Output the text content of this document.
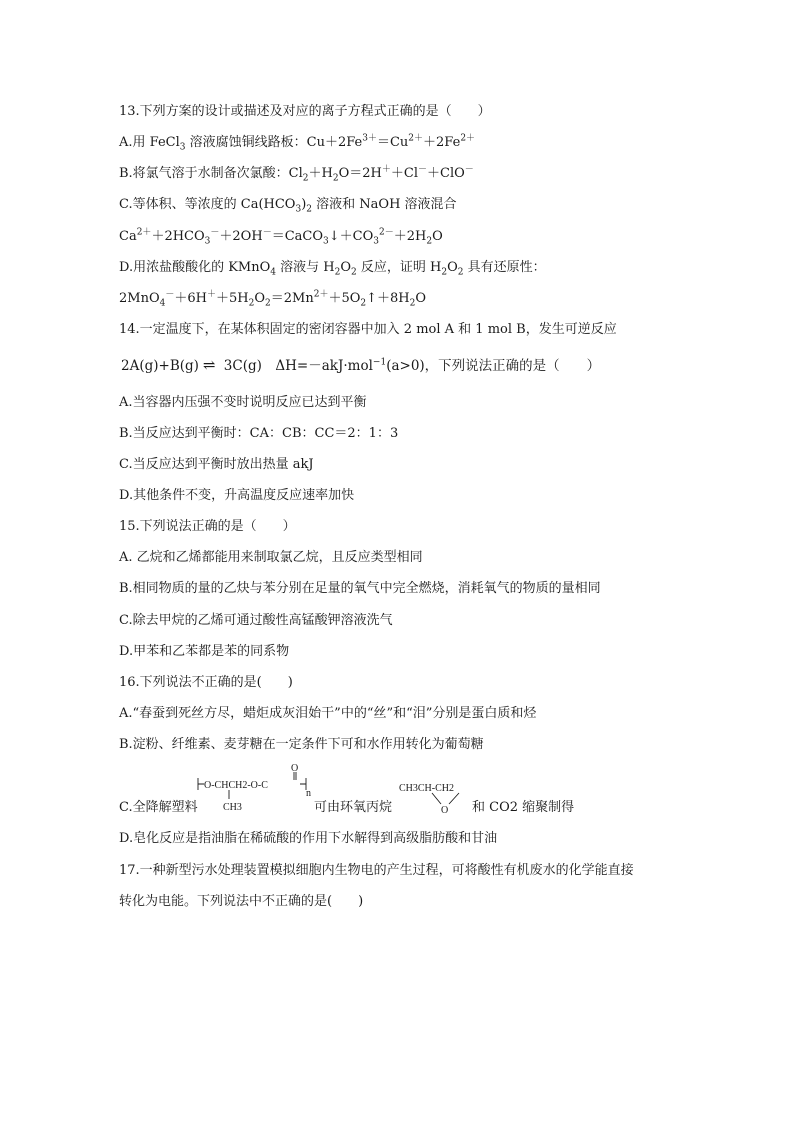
13.下列方案的设计或描述及对应的离子方程式正确的是（　　）
A.用 FeCl$_3$ 溶液腐蚀铜线路板：$Cu+2Fe^{3+}=Cu^{2+}+2Fe^{2+}$
B.将氯气溶于水制备次氯酸：$Cl_2+H_2O=2H^++Cl^-+ClO^-$
C.等体积、等浓度的 $Ca(HCO_3)_2$ 溶液和 NaOH 溶液混合
$Ca^{2+}+2HCO_3^-+2OH^-=CaCO_3↓+CO_3^{2-}+2H_2O$
D.用浓盐酸酸化的 KMnO$_4$ 溶液与 $H_2O_2$ 反应，证明 $H_2O_2$ 具有还原性：
$2MnO_4^-+6H^++5H_2O_2=2Mn^{2+}+5O_2↑+8H_2O$
14.一定温度下，在某体积固定的密闭容器中加入 2 mol A 和 1 mol B，发生可逆反应
2A(g)+B(g) ⇌ 3C(g)　ΔH=－akJ·mol$^{-1}$(a>0)，下列说法正确的是（　　）
A.当容器内压强不变时说明反应已达到平衡
B.当反应达到平衡时：CA：CB：CC＝2：1：3
C.当反应达到平衡时放出热量 akJ
D.其他条件不变，升高温度反应速率加快
15.下列说法正确的是（　　）
A. 乙烷和乙烯都能用来制取氯乙烷，且反应类型相同
B.相同物质的量的乙炔与苯分别在足量的氧气中完全燃烧，消耗氧气的物质的量相同
C.除去甲烷的乙烯可通过酸性高锰酸钾溶液洗气
D.甲苯和乙苯都是苯的同系物
16.下列说法不正确的是(　　)
A.“春蚕到死丝方尽，蜡炬成灰泪始干”中的“丝”和“泪”分别是蛋白质和烃
B.淀粉、纤维素、麦芽糖在一定条件下可和水作用转化为葡萄糖
C.全降解塑料
O-CHCH2-O-C
CH3
O
n
可由环氧丙烷
CH3CH-CH2
O 和 CO2 缩聚制得
D.皂化反应是指油脂在稀硫酸的作用下水解得到高级脂肪酸和甘油
17.一种新型污水处理装置模拟细胞内生物电的产生过程，可将酸性有机废水的化学能直接
转化为电能。下列说法中不正确的是(　　)
